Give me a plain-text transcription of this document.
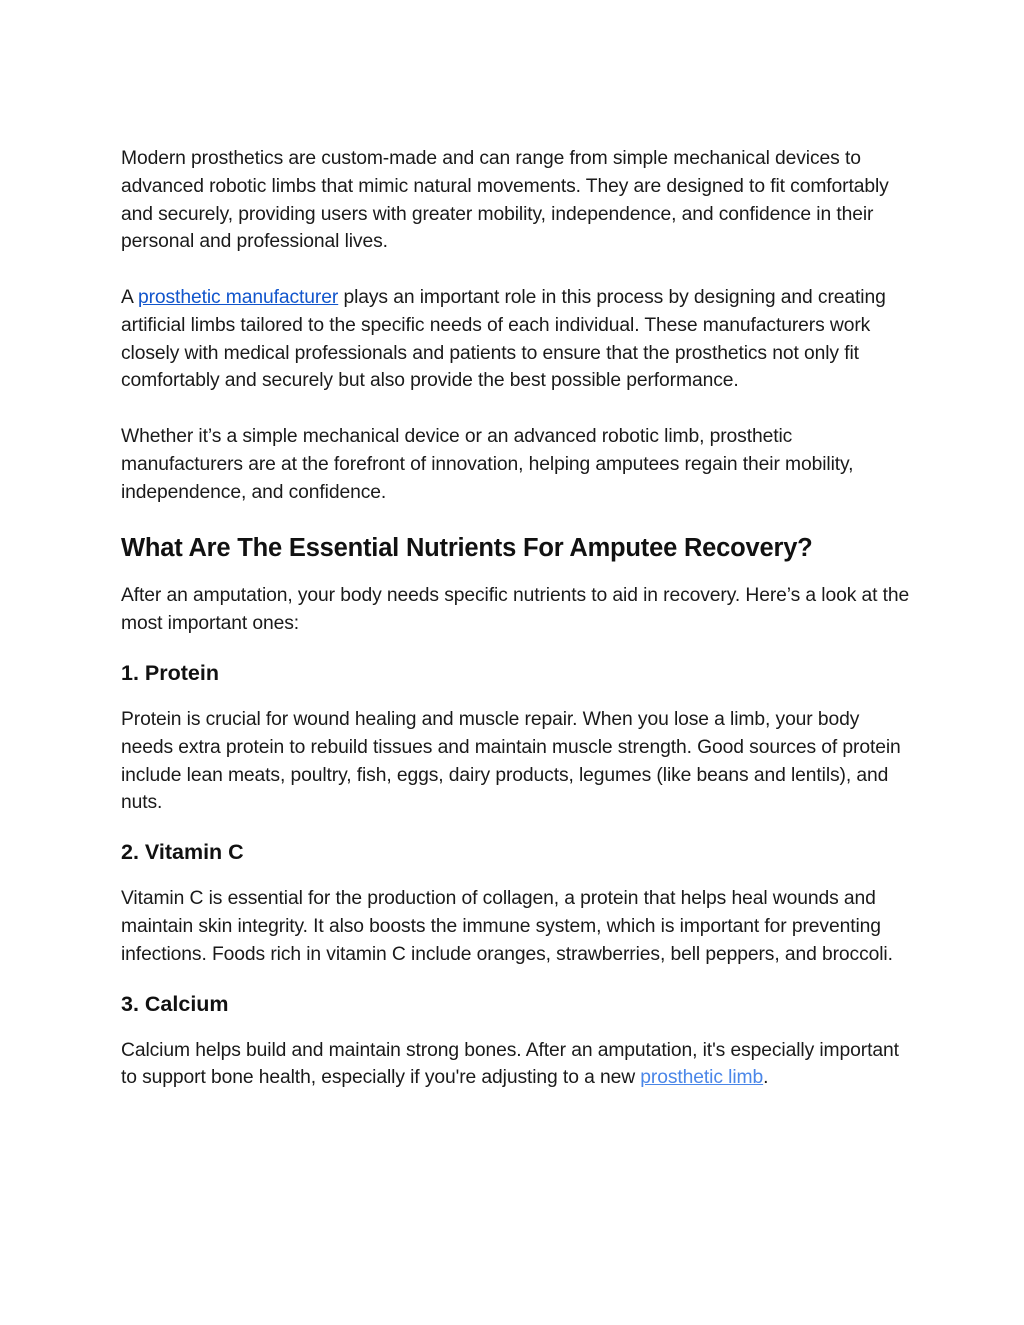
Modern prosthetics are custom-made and can range from simple mechanical devices to advanced robotic limbs that mimic natural movements. They are designed to fit comfortably and securely, providing users with greater mobility, independence, and confidence in their personal and professional lives.

A prosthetic manufacturer plays an important role in this process by designing and creating artificial limbs tailored to the specific needs of each individual. These manufacturers work closely with medical professionals and patients to ensure that the prosthetics not only fit comfortably and securely but also provide the best possible performance.

Whether it’s a simple mechanical device or an advanced robotic limb, prosthetic manufacturers are at the forefront of innovation, helping amputees regain their mobility, independence, and confidence.

What Are The Essential Nutrients For Amputee Recovery?

After an amputation, your body needs specific nutrients to aid in recovery. Here’s a look at the most important ones:

1. Protein

Protein is crucial for wound healing and muscle repair. When you lose a limb, your body needs extra protein to rebuild tissues and maintain muscle strength. Good sources of protein include lean meats, poultry, fish, eggs, dairy products, legumes (like beans and lentils), and nuts.

2. Vitamin C

Vitamin C is essential for the production of collagen, a protein that helps heal wounds and maintain skin integrity. It also boosts the immune system, which is important for preventing infections. Foods rich in vitamin C include oranges, strawberries, bell peppers, and broccoli.

3. Calcium

Calcium helps build and maintain strong bones. After an amputation, it's especially important to support bone health, especially if you're adjusting to a new prosthetic limb.
